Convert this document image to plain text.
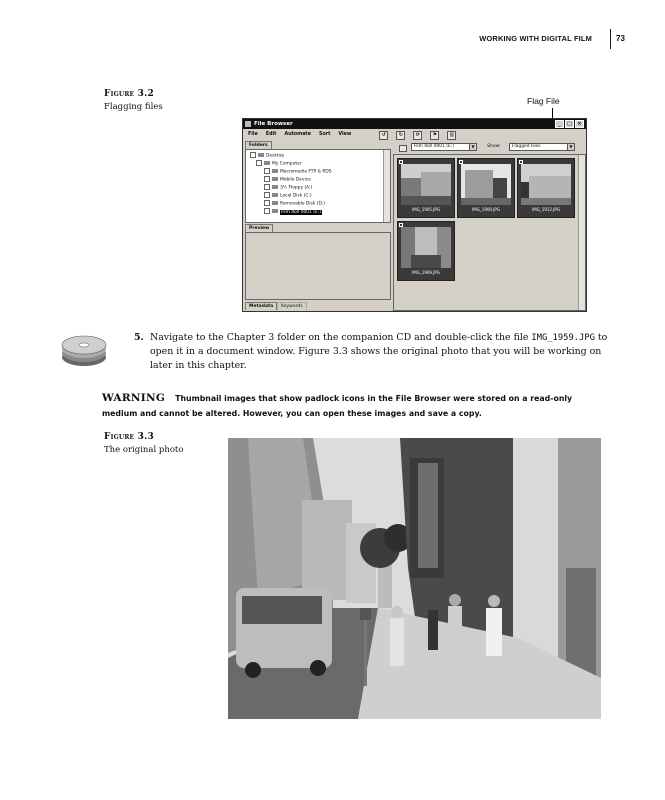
WORKING WITH DIGITAL FILM	73
Figure 3.2
Flagging files
Flag File
File Browser	_	□	×
File Edit Automate Sort View	↺	↻	⟳	⚑	▥
Folders
Desktop
My Computer
Macromedia FTP & RDS
Mobile Device
3½ Floppy (A:)
Local Disk (C:)
Removable Disk (D:)
Film Roll 0001 (E:)
Preview
Metadata	Keywords
Film Roll 0001 (E:)	▼	Show:	Flagged Files	▼
IMG_1905.JPG	IMG_1900.JPG	IMG_1912.JPG
IMG_1909.JPG
5. Navigate to the Chapter 3 folder on the companion CD and double-click the file IMG_1959.JPG to open it in a document window. Figure 3.3 shows the original photo that you will be working on later in this chapter.
WARNING Thumbnail images that show padlock icons in the File Browser were stored on a read-only medium and cannot be altered. However, you can open these images and save a copy.
Figure 3.3
The original photo
